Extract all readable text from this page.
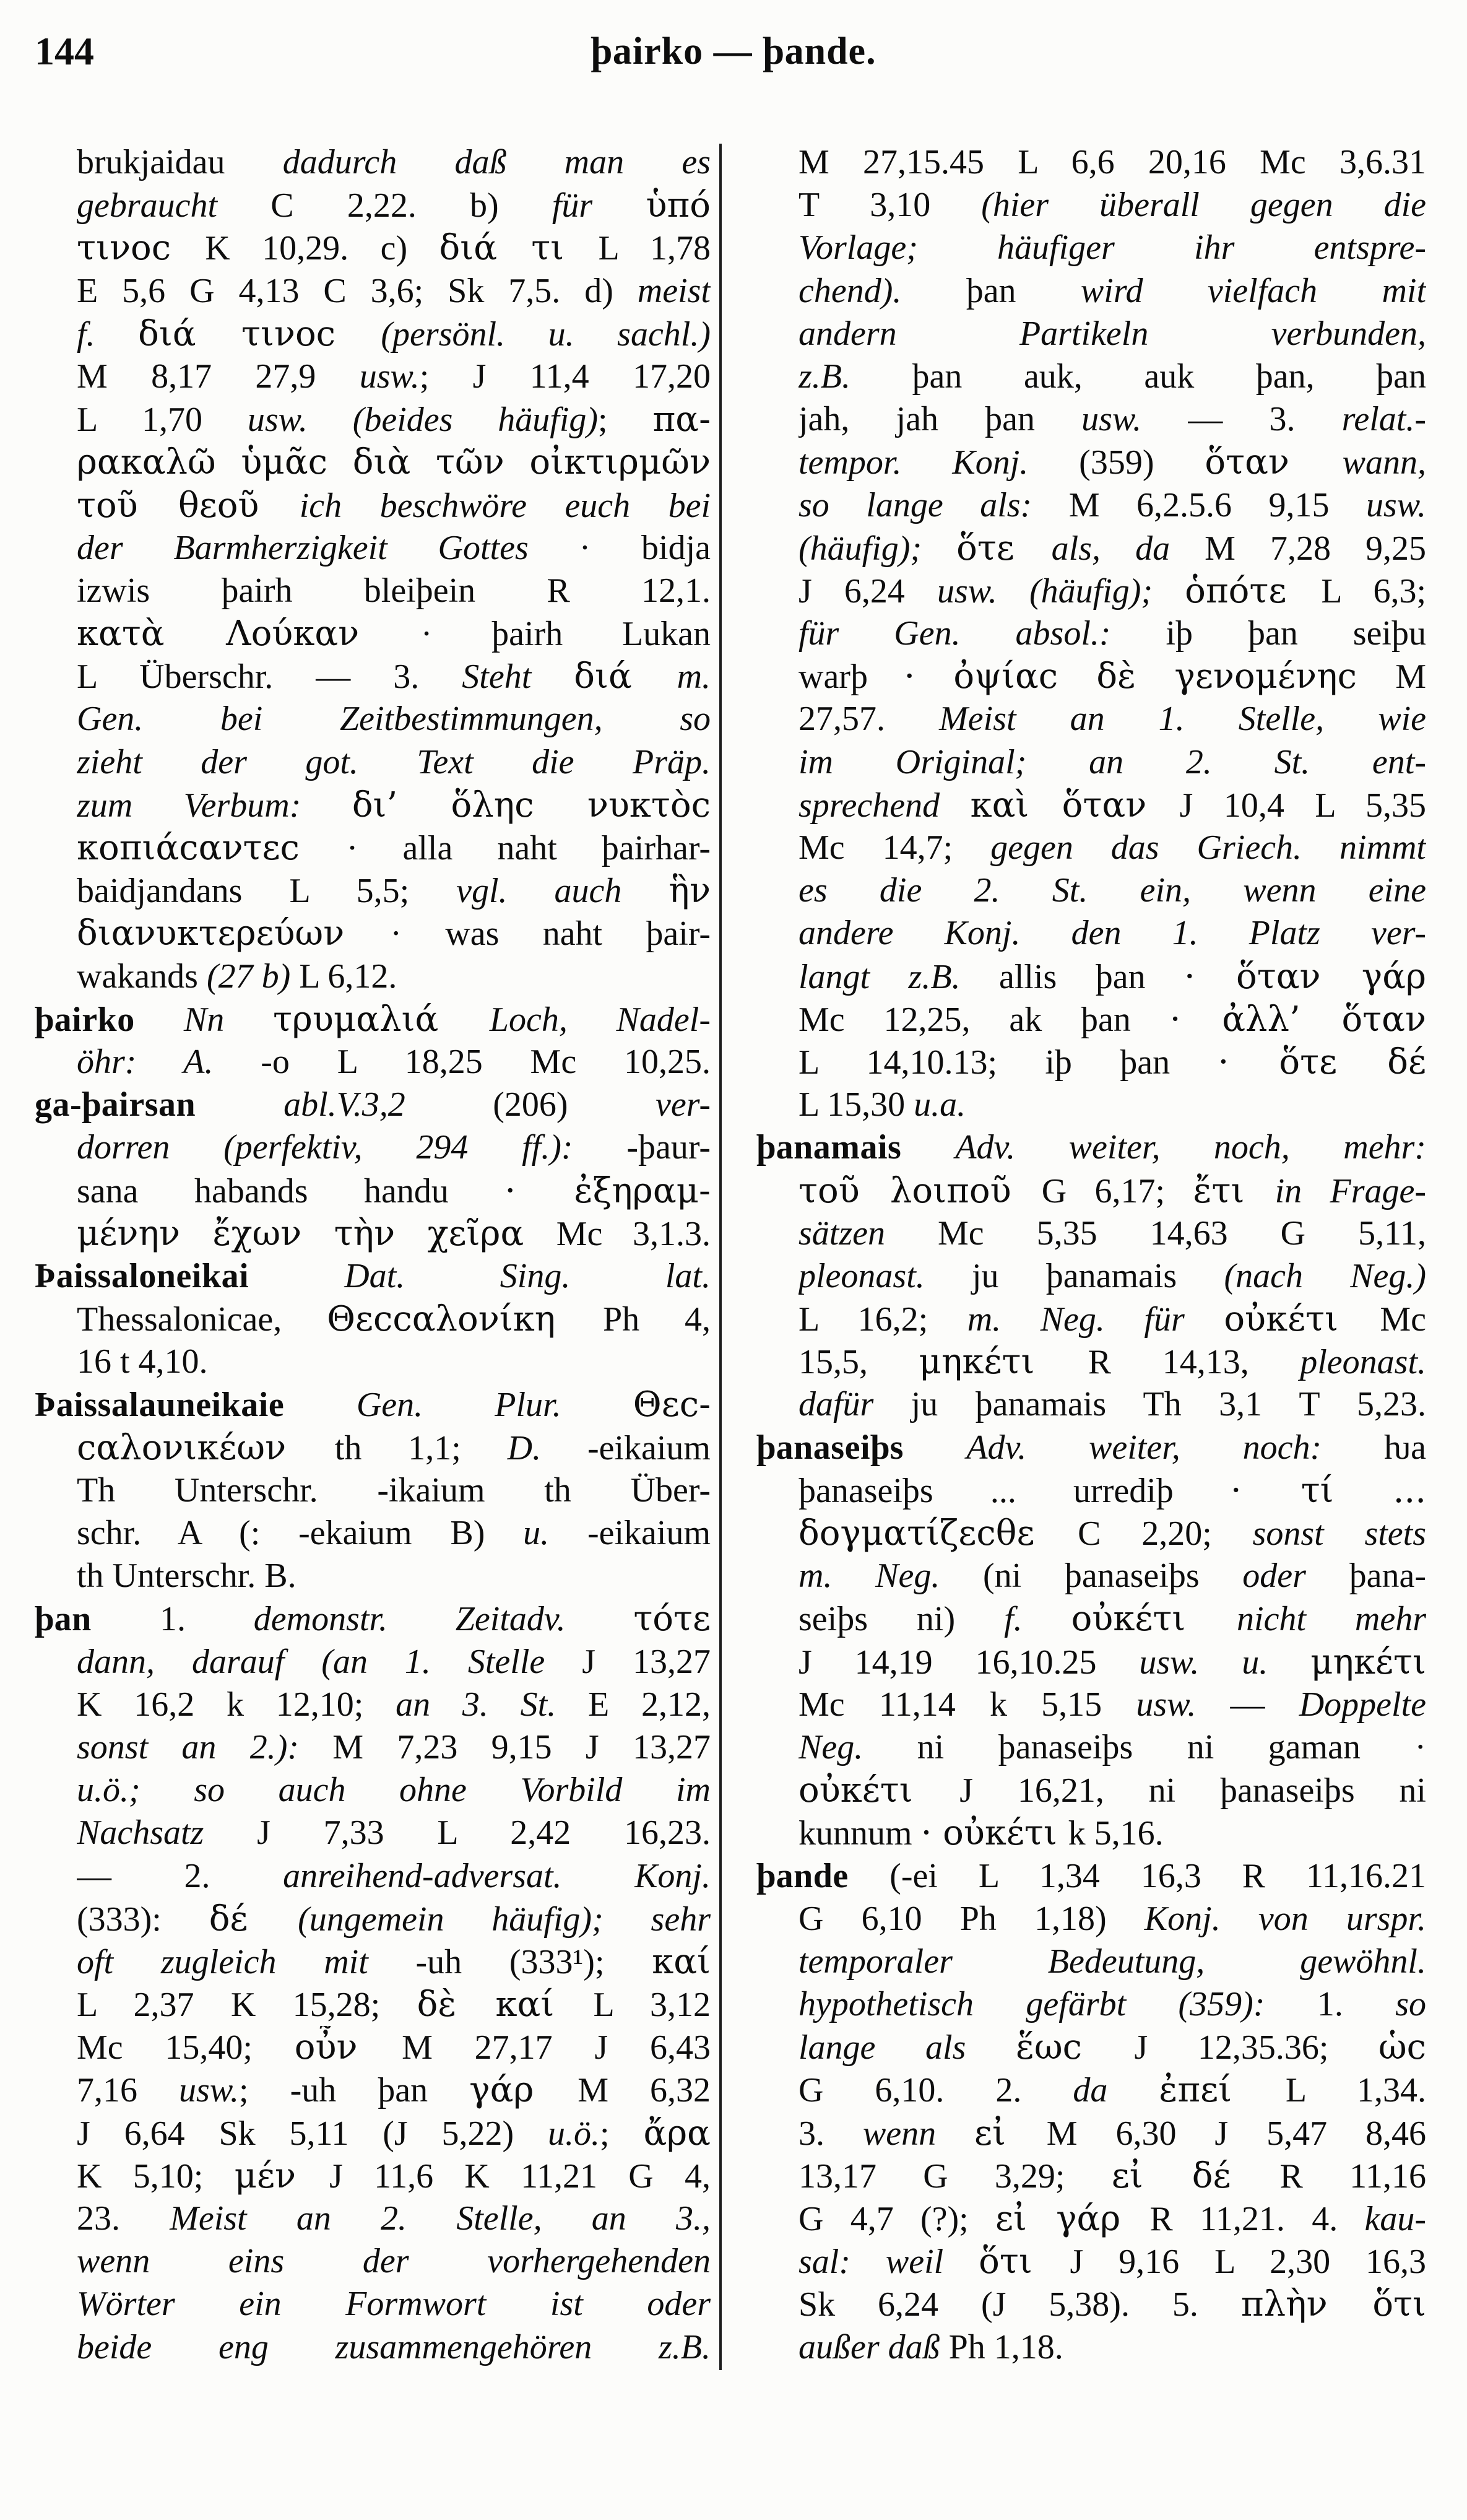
144	þairko — þande.
brukjaidau dadurch daß man es
gebraucht C 2,22. b) für ὑπό
τινοc K 10,29. c) διά τι L 1,78
E 5,6 G 4,13 C 3,6; Sk 7,5. d) meist
f. διά τινοc (persönl. u. sachl.)
M 8,17 27,9 usw.; J 11,4 17,20
L 1,70 usw. (beides häufig); πα-
ρακαλῶ ὑμᾶc διὰ τῶν οἰκτιρμῶν
τοῦ θεοῦ ich beschwöre euch bei
der Barmherzigkeit Gottes · bidja
izwis þairh bleiþein R 12,1.
κατὰ Λούκαν · þairh Lukan
L Überschr. — 3. Steht διά m.
Gen. bei Zeitbestimmungen, so
zieht der got. Text die Präp.
zum Verbum: δι’ ὅληc νυκτὸc
κοπιάcαντεc · alla naht þairhar-
baidjandans L 5,5; vgl. auch ἣν
διανυκτερεύων · was naht þair-
wakands (27 b) L 6,12.
þairko Nn τρυμαλιά Loch, Nadel-
öhr: A. -o L 18,25 Mc 10,25.
ga-þairsan abl.V.3,2 (206) ver-
dorren (perfektiv, 294 ff.): -þaur-
sana habands handu · ἐξηραμ-
μένην ἔχων τὴν χεῖρα Mc 3,1.3.
Þaissaloneikai Dat. Sing. lat.
Thessalonicae, Θεccαλονίκη Ph 4,
16 t 4,10.
Þaissalauneikaie Gen. Plur. Θεc-
cαλονικέων th 1,1; D. -eikaium
Th Unterschr. -ikaium th Über-
schr. A (: -ekaium B) u. -eikaium
th Unterschr. B.
þan 1. demonstr. Zeitadv. τότε
dann, darauf (an 1. Stelle J 13,27
K 16,2 k 12,10; an 3. St. E 2,12,
sonst an 2.): M 7,23 9,15 J 13,27
u.ö.; so auch ohne Vorbild im
Nachsatz J 7,33 L 2,42 16,23.
— 2. anreihend-adversat. Konj.
(333): δέ (ungemein häufig); sehr
oft zugleich mit -uh (333¹); καί
L 2,37 K 15,28; δὲ καί L 3,12
Mc 15,40; οὖν M 27,17 J 6,43
7,16 usw.; -uh þan γάρ M 6,32
J 6,64 Sk 5,11 (J 5,22) u.ö.; ἄρα
K 5,10; μέν J 11,6 K 11,21 G 4,
23. Meist an 2. Stelle, an 3.,
wenn eins der vorhergehenden
Wörter ein Formwort ist oder
beide eng zusammengehören z.B.
M 27,15.45 L 6,6 20,16 Mc 3,6.31
T 3,10 (hier überall gegen die
Vorlage; häufiger ihr entspre-
chend). þan wird vielfach mit
andern Partikeln verbunden,
z.B. þan auk, auk þan, þan
jah, jah þan usw. — 3. relat.-
tempor. Konj. (359) ὅταν wann,
so lange als: M 6,2.5.6 9,15 usw.
(häufig); ὅτε als, da M 7,28 9,25
J 6,24 usw. (häufig); ὁπότε L 6,3;
für Gen. absol.: iþ þan seiþu
warþ · ὀψίαc δὲ γενομένηc M
27,57. Meist an 1. Stelle, wie
im Original; an 2. St. ent-
sprechend καὶ ὅταν J 10,4 L 5,35
Mc 14,7; gegen das Griech. nimmt
es die 2. St. ein, wenn eine
andere Konj. den 1. Platz ver-
langt z.B. allis þan · ὅταν γάρ
Mc 12,25, ak þan · ἀλλ’ ὅταν
L 14,10.13; iþ þan · ὅτε δέ
L 15,30 u.a.
þanamais Adv. weiter, noch, mehr:
τοῦ λοιποῦ G 6,17; ἔτι in Frage-
sätzen Mc 5,35 14,63 G 5,11,
pleonast. ju þanamais (nach Neg.)
L 16,2; m. Neg. für οὐκέτι Mc
15,5, μηκέτι R 14,13, pleonast.
dafür ju þanamais Th 3,1 T 5,23.
þanaseiþs Adv. weiter, noch: ƕa
þanaseiþs ... urrediþ · τί ...
δογματίζεcθε C 2,20; sonst stets
m. Neg. (ni þanaseiþs oder þana-
seiþs ni) f. οὐκέτι nicht mehr
J 14,19 16,10.25 usw. u. μηκέτι
Mc 11,14 k 5,15 usw. — Doppelte
Neg. ni þanaseiþs ni gaman ·
οὐκέτι J 16,21, ni þanaseiþs ni
kunnum · οὐκέτι k 5,16.
þande (-ei L 1,34 16,3 R 11,16.21
G 6,10 Ph 1,18) Konj. von urspr.
temporaler Bedeutung, gewöhnl.
hypothetisch gefärbt (359): 1. so
lange als ἕωc J 12,35.36; ὡc
G 6,10. 2. da ἐπεί L 1,34.
3. wenn εἰ M 6,30 J 5,47 8,46
13,17 G 3,29; εἰ δέ R 11,16
G 4,7 (?); εἰ γάρ R 11,21. 4. kau-
sal: weil ὅτι J 9,16 L 2,30 16,3
Sk 6,24 (J 5,38). 5. πλὴν ὅτι
außer daß Ph 1,18.
